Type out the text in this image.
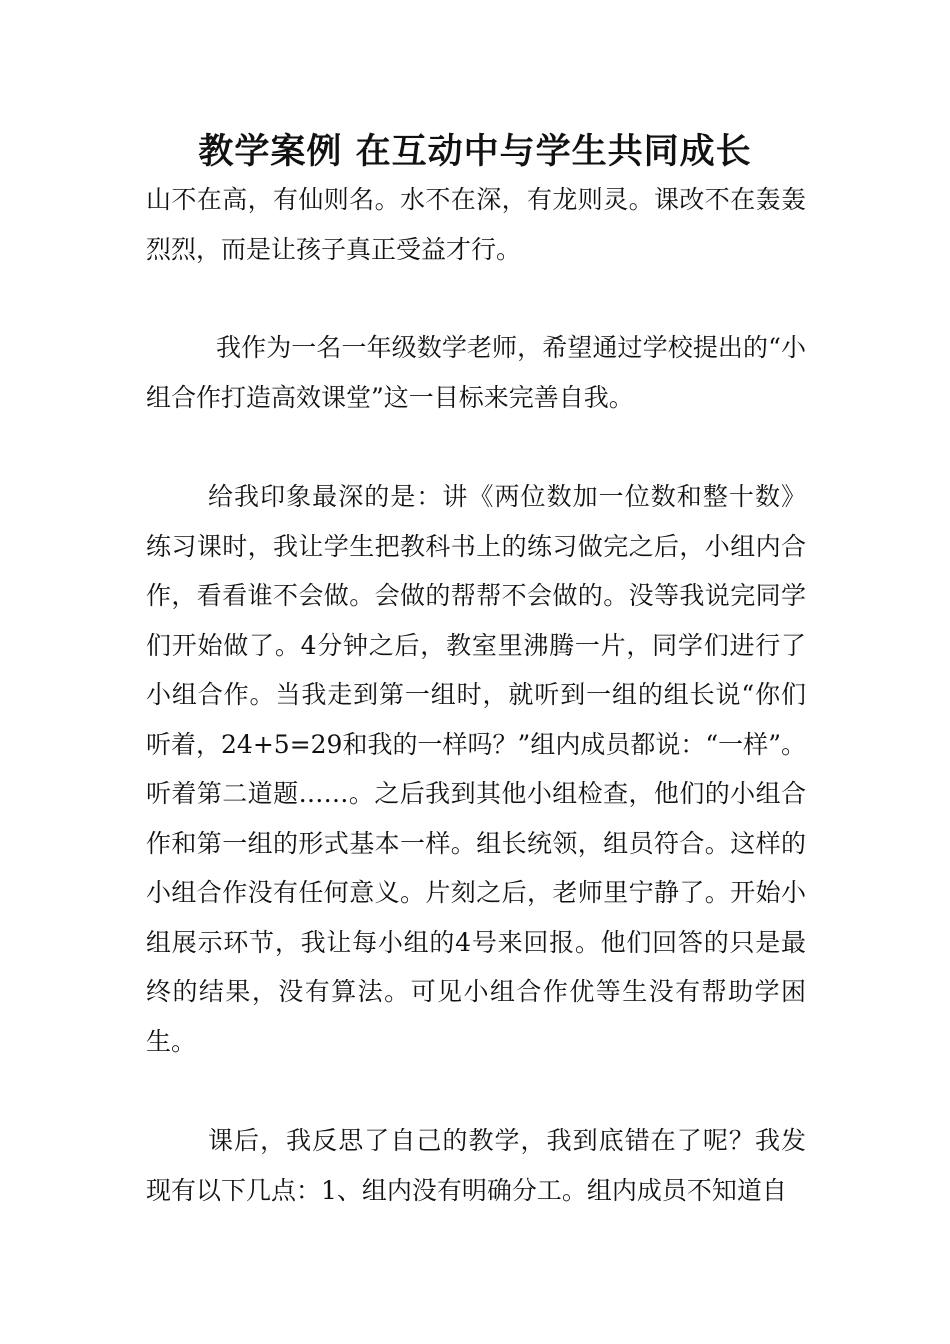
教学案例 在互动中与学生共同成长

山不在高，有仙则名。水不在深，有龙则灵。课改不在轰轰烈烈，而是让孩子真正受益才行。

我作为一名一年级数学老师，希望通过学校提出的“小组合作打造高效课堂”这一目标来完善自我。

给我印象最深的是：讲《两位数加一位数和整十数》练习课时，我让学生把教科书上的练习做完之后，小组内合作，看看谁不会做。会做的帮帮不会做的。没等我说完同学们开始做了。4分钟之后，教室里沸腾一片，同学们进行了小组合作。当我走到第一组时，就听到一组的组长说“你们听着，24+5=29和我的一样吗？”组内成员都说：“一样”。听着第二道题……。之后我到其他小组检查，他们的小组合作和第一组的形式基本一样。组长统领，组员符合。这样的小组合作没有任何意义。片刻之后，老师里宁静了。开始小组展示环节，我让每小组的4号来回报。他们回答的只是最终的结果，没有算法。可见小组合作优等生没有帮助学困生。

课后，我反思了自己的教学，我到底错在了呢？我发现有以下几点：1、组内没有明确分工。组内成员不知道自
